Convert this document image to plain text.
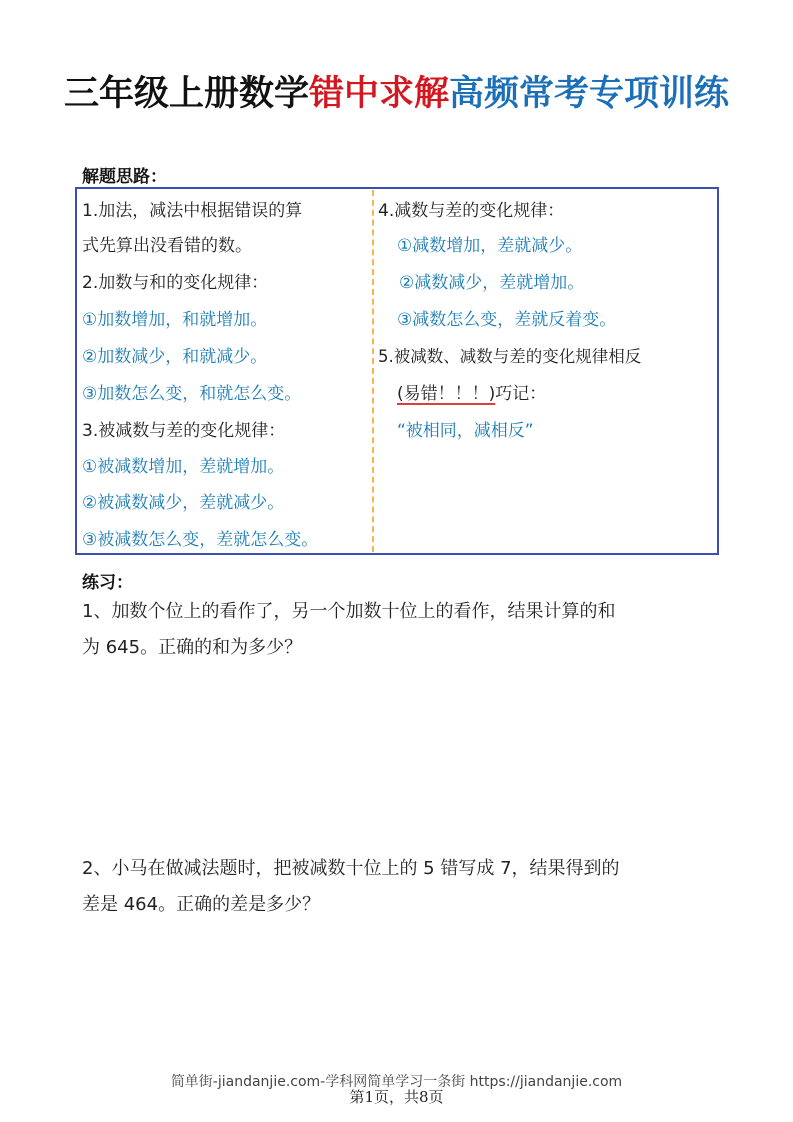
三年级上册数学错中求解高频常考专项训练
解题思路：
1.加法，减法中根据错误的算
式先算出没看错的数。
2.加数与和的变化规律：
①加数增加，和就增加。
②加数减少，和就减少。
③加数怎么变，和就怎么变。
3.被减数与差的变化规律：
①被减数增加，差就增加。
②被减数减少，差就减少。
③被减数怎么变，差就怎么变。
4.减数与差的变化规律：
①减数增加，差就减少。
②减数减少，差就增加。
③减数怎么变，差就反着变。
5.被减数、减数与差的变化规律相反
(易错！！！)巧记：
“被相同，减相反”
练习：
1、加数个位上的看作了，另一个加数十位上的看作，结果计算的和
为 645。正确的和为多少？
2、小马在做减法题时，把被减数十位上的 5 错写成 7，结果得到的
差是 464。正确的差是多少？
简单街-jiandanjie.com-学科网简单学习一条街 https://jiandanjie.com
第1页，共8页
